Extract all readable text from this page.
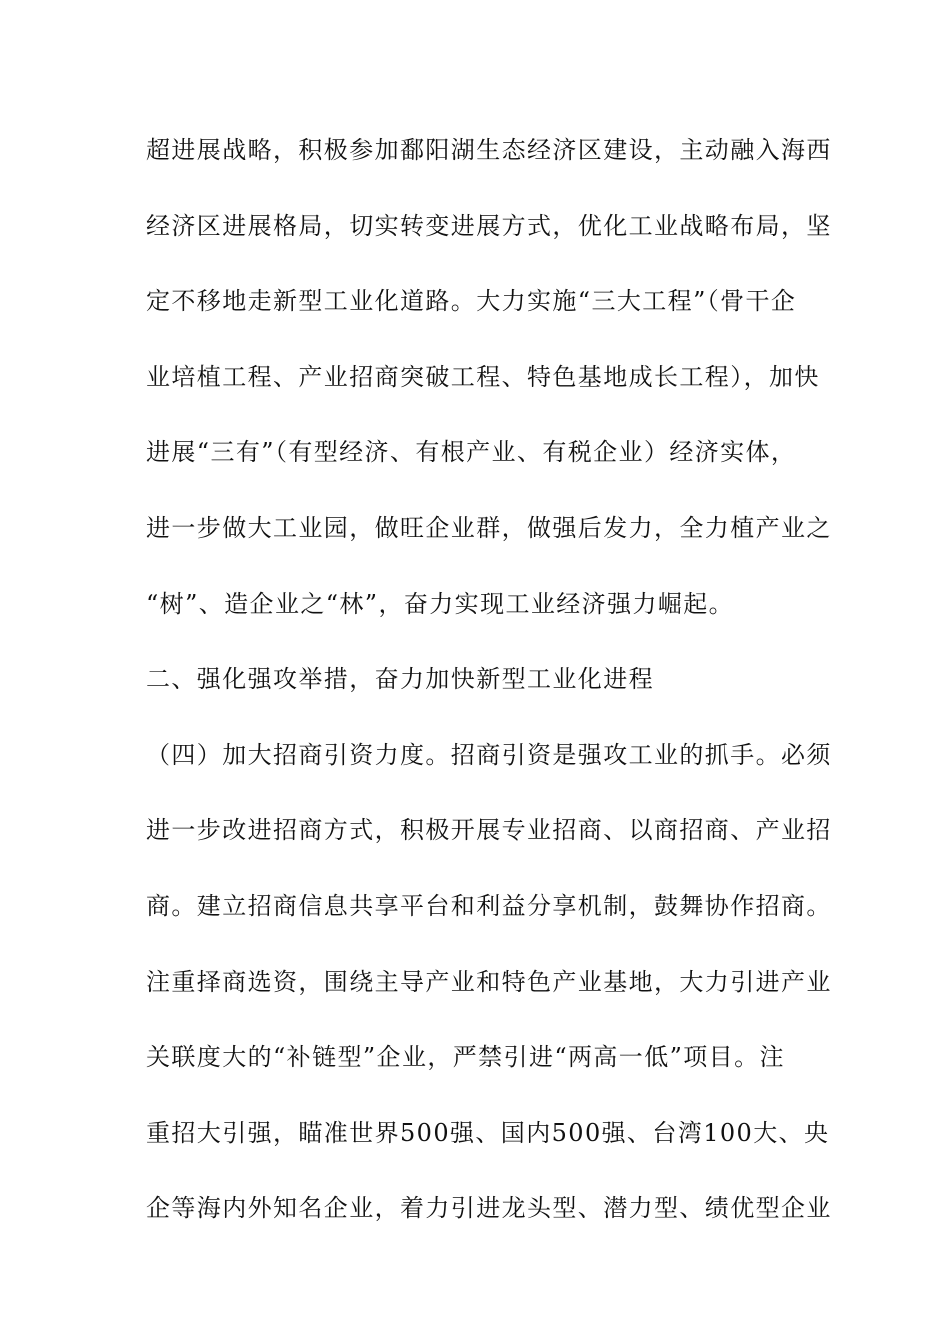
超进展战略，积极参加鄱阳湖生态经济区建设，主动融入海西

经济区进展格局，切实转变进展方式，优化工业战略布局，坚

定不移地走新型工业化道路。大力实施“三大工程”（骨干企

业培植工程、产业招商突破工程、特色基地成长工程），加快

进展“三有”（有型经济、有根产业、有税企业）经济实体，

进一步做大工业园，做旺企业群，做强后发力，全力植产业之

“树”、造企业之“林”，奋力实现工业经济强力崛起。

二、强化强攻举措，奋力加快新型工业化进程

（四）加大招商引资力度。招商引资是强攻工业的抓手。必须

进一步改进招商方式，积极开展专业招商、以商招商、产业招

商。建立招商信息共享平台和利益分享机制，鼓舞协作招商。

注重择商选资，围绕主导产业和特色产业基地，大力引进产业

关联度大的“补链型”企业，严禁引进“两高一低”项目。注

重招大引强，瞄准世界500强、国内500强、台湾100大、央

企等海内外知名企业，着力引进龙头型、潜力型、绩优型企业
